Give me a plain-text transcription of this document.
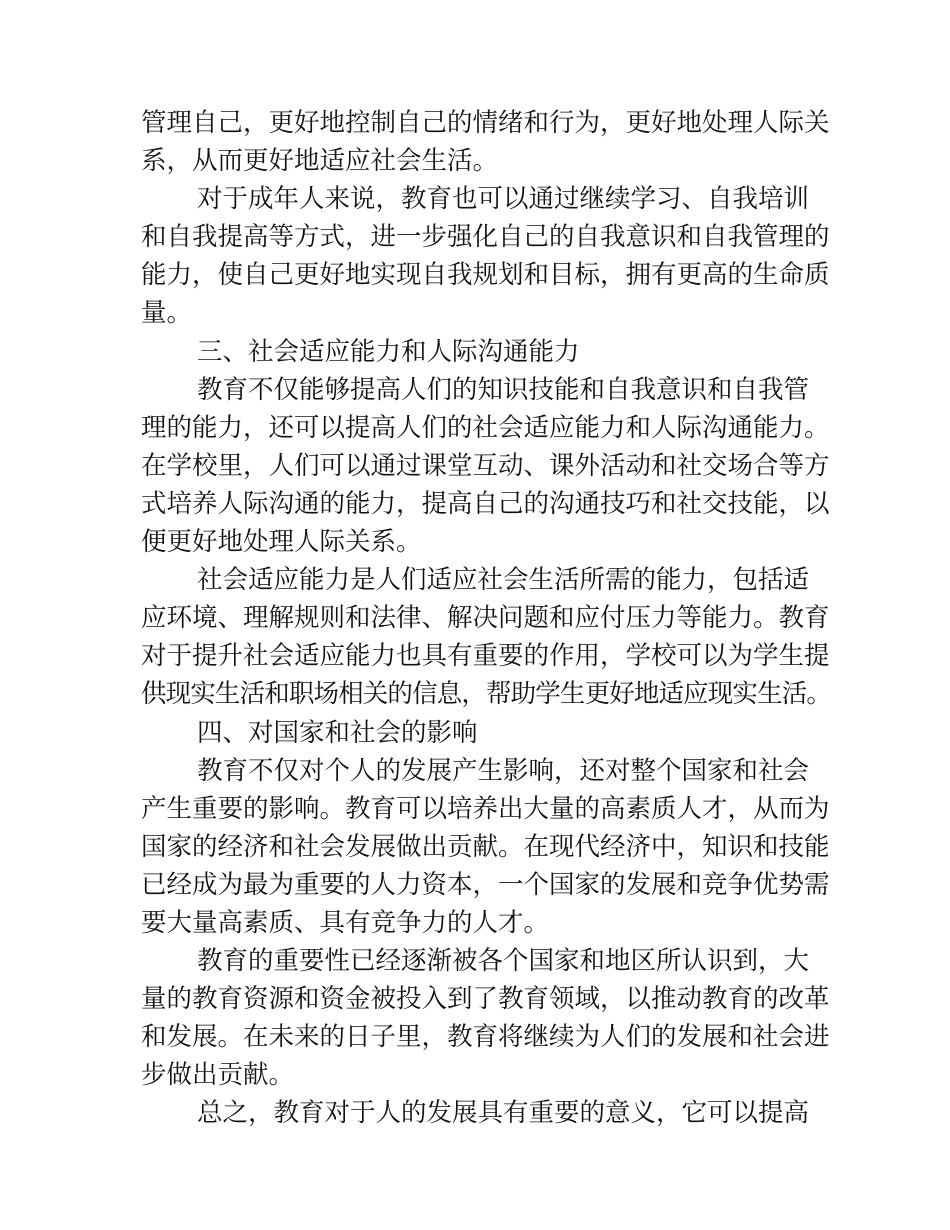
管理自己，更好地控制自己的情绪和行为，更好地处理人际关
系，从而更好地适应社会生活。
对于成年人来说，教育也可以通过继续学习、自我培训
和自我提高等方式，进一步强化自己的自我意识和自我管理的
能力，使自己更好地实现自我规划和目标，拥有更高的生命质
量。
三、社会适应能力和人际沟通能力
教育不仅能够提高人们的知识技能和自我意识和自我管
理的能力，还可以提高人们的社会适应能力和人际沟通能力。
在学校里，人们可以通过课堂互动、课外活动和社交场合等方
式培养人际沟通的能力，提高自己的沟通技巧和社交技能，以
便更好地处理人际关系。
社会适应能力是人们适应社会生活所需的能力，包括适
应环境、理解规则和法律、解决问题和应付压力等能力。教育
对于提升社会适应能力也具有重要的作用，学校可以为学生提
供现实生活和职场相关的信息，帮助学生更好地适应现实生活。
四、对国家和社会的影响
教育不仅对个人的发展产生影响，还对整个国家和社会
产生重要的影响。教育可以培养出大量的高素质人才，从而为
国家的经济和社会发展做出贡献。在现代经济中，知识和技能
已经成为最为重要的人力资本，一个国家的发展和竞争优势需
要大量高素质、具有竞争力的人才。
教育的重要性已经逐渐被各个国家和地区所认识到，大
量的教育资源和资金被投入到了教育领域，以推动教育的改革
和发展。在未来的日子里，教育将继续为人们的发展和社会进
步做出贡献。
总之，教育对于人的发展具有重要的意义，它可以提高
